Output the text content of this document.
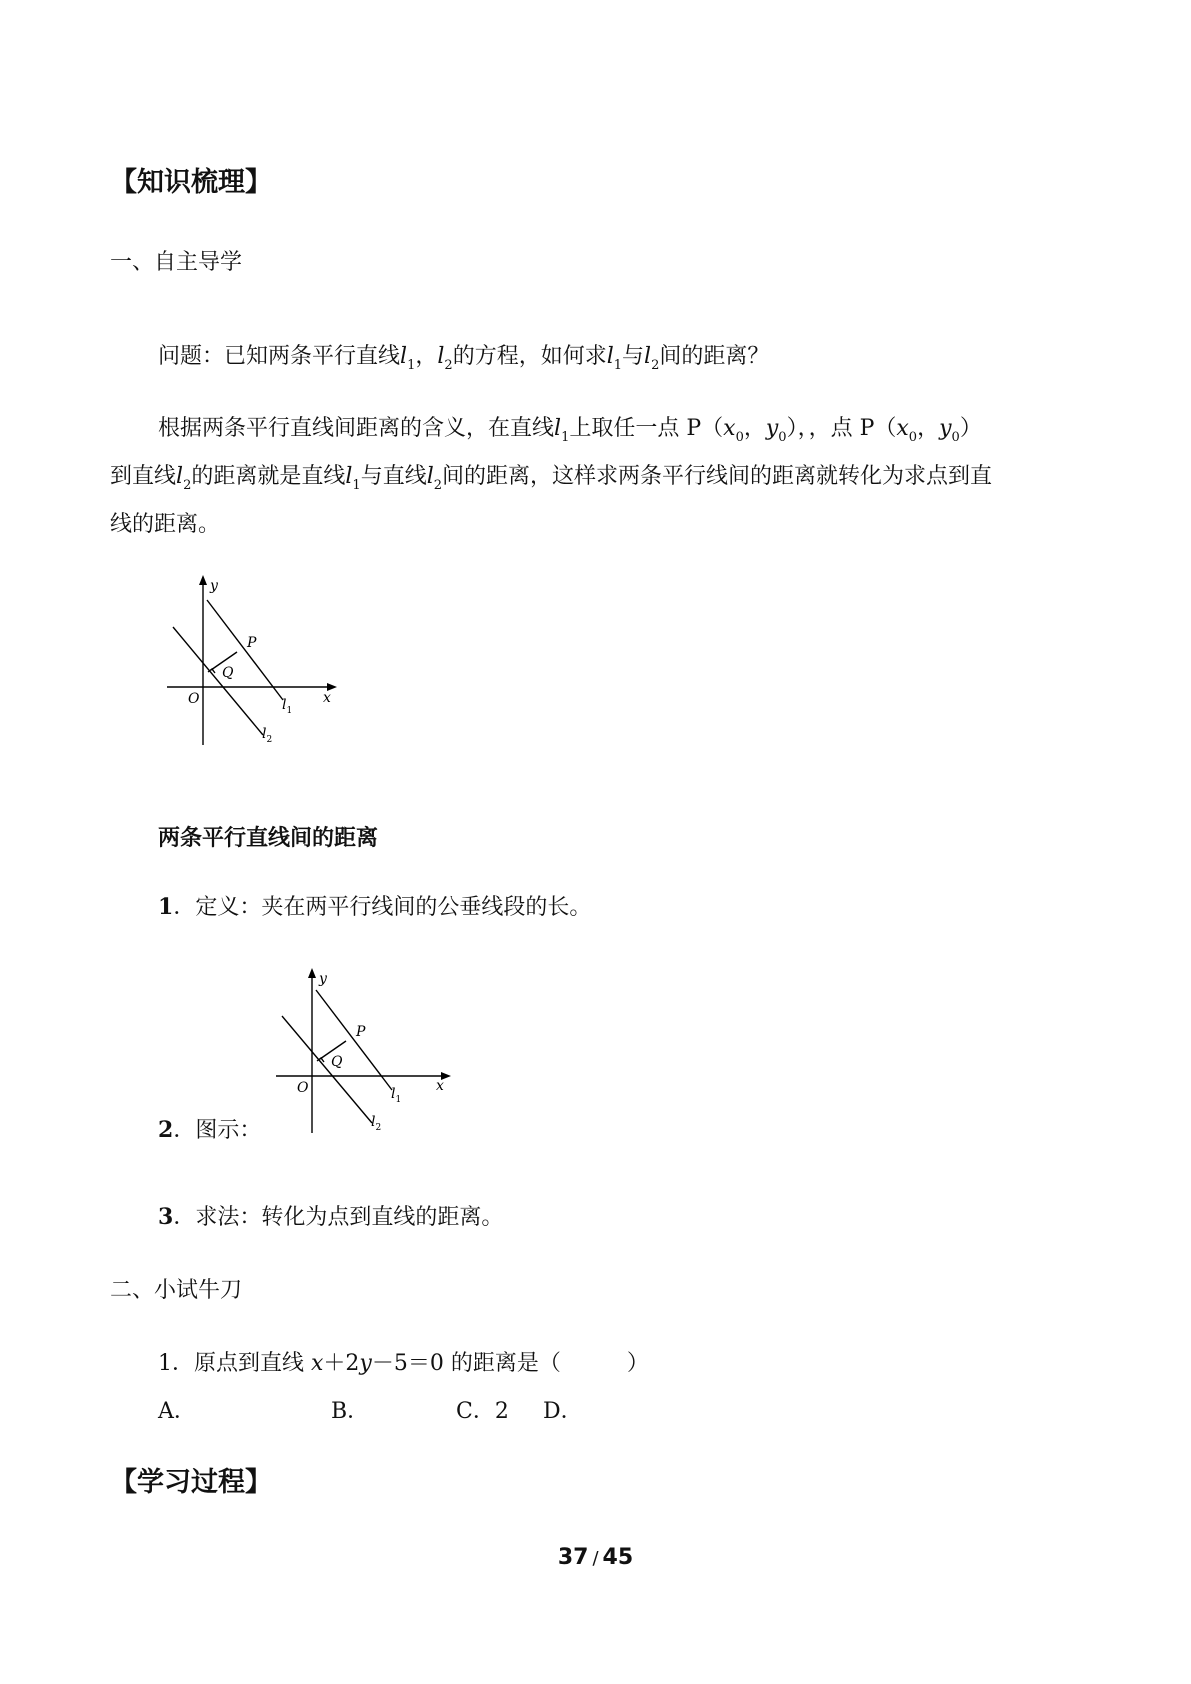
【知识梳理】
一、自主导学
问题：已知两条平行直线$l_1$，$l_2$的方程，如何求$l_1$与$l_2$间的距离？
根据两条平行直线间距离的含义，在直线$l_1$上取任一点 $P(x_0$，$y_0$），，点 $P(x_0$，$y_0$）
到直线$l_2$的距离就是直线$l_1$与直线$l_2$间的距离，这样求两条平行线间的距离就转化为求点到直
线的距离。
y
x
O
P
Q
$l_1$
$l_2$
两条平行直线间的距离
1．定义：夹在两平行线间的公垂线段的长。
y
x
O
P
Q
$l_1$
$l_2$
2．图示：
3．求法：转化为点到直线的距离。
二、小试牛刀
1．原点到直线 x＋2y－5＝0 的距离是（　　　）
A．	B．	C．2 D．
【学习过程】
37 / 45
